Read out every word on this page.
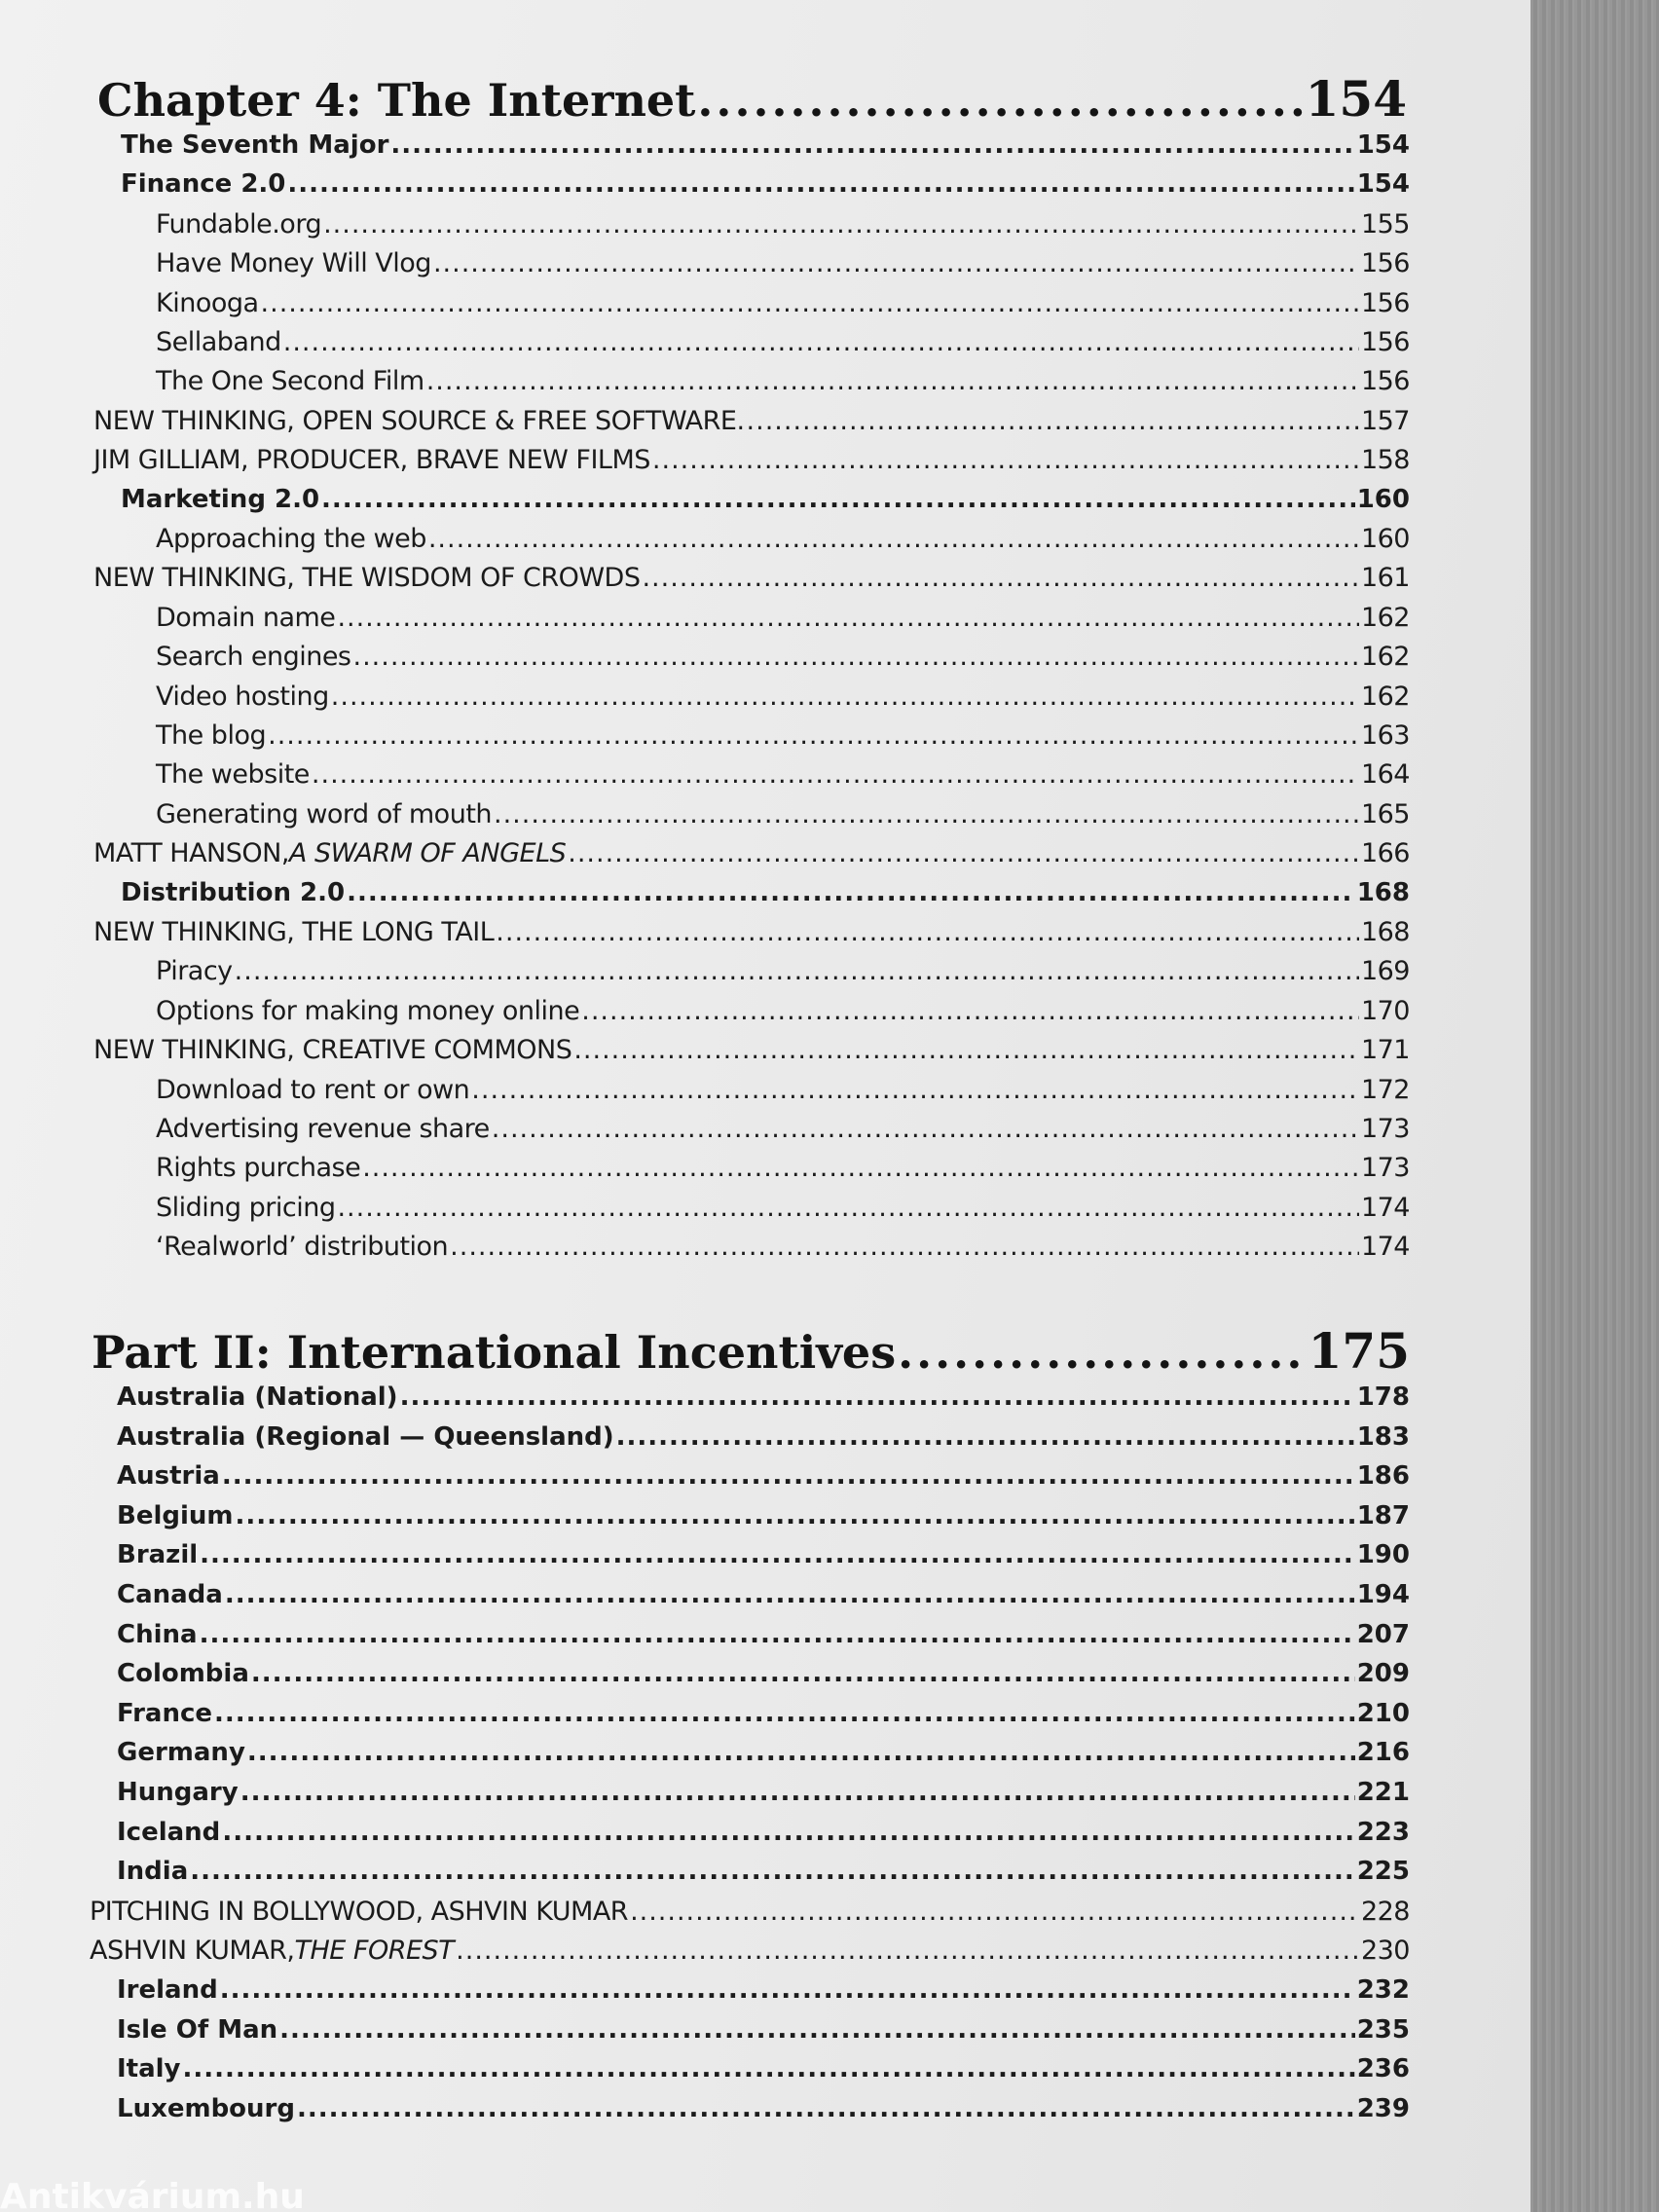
Chapter 4: The Internet .....	154
The Seventh Major .....	154
Finance 2.0 .....	154
Fundable.org .....	155
Have Money Will Vlog .....	156
Kinooga .....	156
Sellaband .....	156
The One Second Film .....	156
NEW THINKING, OPEN SOURCE & FREE SOFTWARE. .....	157
JIM GILLIAM, PRODUCER, BRAVE NEW FILMS .....	158
Marketing 2.0 .....	160
Approaching the web .....	160
NEW THINKING, THE WISDOM OF CROWDS .....	161
Domain name .....	162
Search engines .....	162
Video hosting .....	162
The blog .....	163
The website .....	164
Generating word of mouth .....	165
MATT HANSON, A SWARM OF ANGELS .....	166
Distribution 2.0 .....	168
NEW THINKING, THE LONG TAIL .....	168
Piracy .....	169
Options for making money online .....	170
NEW THINKING, CREATIVE COMMONS .....	171
Download to rent or own .....	172
Advertising revenue share .....	173
Rights purchase .....	173
Sliding pricing .....	174
‘Realworld’ distribution .....	174
Part II: International Incentives .....	175
Australia (National) .....	178
Australia (Regional — Queensland) .....	183
Austria .....	186
Belgium .....	187
Brazil .....	190
Canada .....	194
China .....	207
Colombia .....	209
France .....	210
Germany .....	216
Hungary .....	221
Iceland .....	223
India .....	225
PITCHING IN BOLLYWOOD, ASHVIN KUMAR .....	228
ASHVIN KUMAR, THE FOREST .....	230
Ireland .....	232
Isle Of Man .....	235
Italy .....	236
Luxembourg .....	239
Antikvárium.hu
